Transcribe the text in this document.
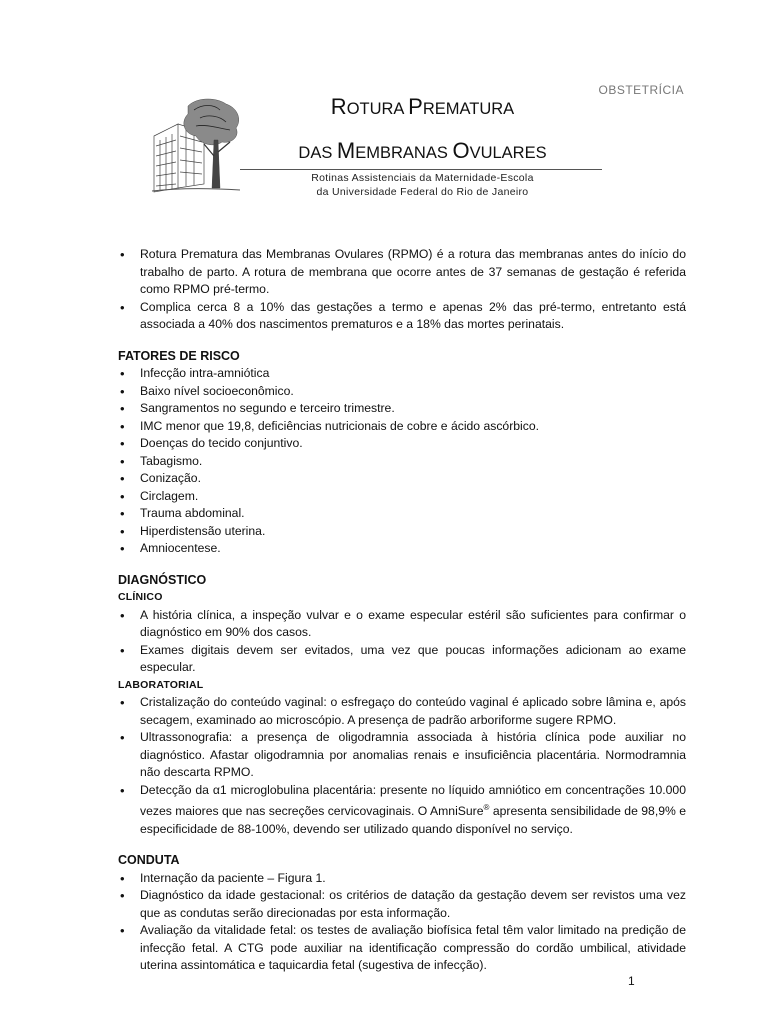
OBSTETRÍCIA
ROTURA PREMATURA
DAS MEMBRANAS OVULARES
Rotinas Assistenciais da Maternidade-Escola
da Universidade Federal do Rio de Janeiro
• Rotura Prematura das Membranas Ovulares (RPMO) é a rotura das membranas antes do início do trabalho de parto. A rotura de membrana que ocorre antes de 37 semanas de gestação é referida como RPMO pré-termo.
• Complica cerca 8 a 10% das gestações a termo e apenas 2% das pré-termo, entretanto está associada a 40% dos nascimentos prematuros e a 18% das mortes perinatais.
FATORES DE RISCO
• Infecção intra-amniótica
• Baixo nível socioeconômico.
• Sangramentos no segundo e terceiro trimestre.
• IMC menor que 19,8, deficiências nutricionais de cobre e ácido ascórbico.
• Doenças do tecido conjuntivo.
• Tabagismo.
• Conização.
• Circlagem.
• Trauma abdominal.
• Hiperdistensão uterina.
• Amniocentese.
DIAGNÓSTICO
CLÍNICO
• A história clínica, a inspeção vulvar e o exame especular estéril são suficientes para confirmar o diagnóstico em 90% dos casos.
• Exames digitais devem ser evitados, uma vez que poucas informações adicionam ao exame especular.
LABORATORIAL
• Cristalização do conteúdo vaginal: o esfregaço do conteúdo vaginal é aplicado sobre lâmina e, após secagem, examinado ao microscópio. A presença de padrão arboriforme sugere RPMO.
• Ultrassonografia: a presença de oligodramnia associada à história clínica pode auxiliar no diagnóstico. Afastar oligodramnia por anomalias renais e insuficiência placentária. Normodramnia não descarta RPMO.
• Detecção da α1 microglobulina placentária: presente no líquido amniótico em concentrações 10.000 vezes maiores que nas secreções cervicovaginais. O AmniSure® apresenta sensibilidade de 98,9% e especificidade de 88-100%, devendo ser utilizado quando disponível no serviço.
CONDUTA
• Internação da paciente – Figura 1.
• Diagnóstico da idade gestacional: os critérios de datação da gestação devem ser revistos uma vez que as condutas serão direcionadas por esta informação.
• Avaliação da vitalidade fetal: os testes de avaliação biofísica fetal têm valor limitado na predição de infecção fetal. A CTG pode auxiliar na identificação compressão do cordão umbilical, atividade uterina assintomática e taquicardia fetal (sugestiva de infecção).
1
